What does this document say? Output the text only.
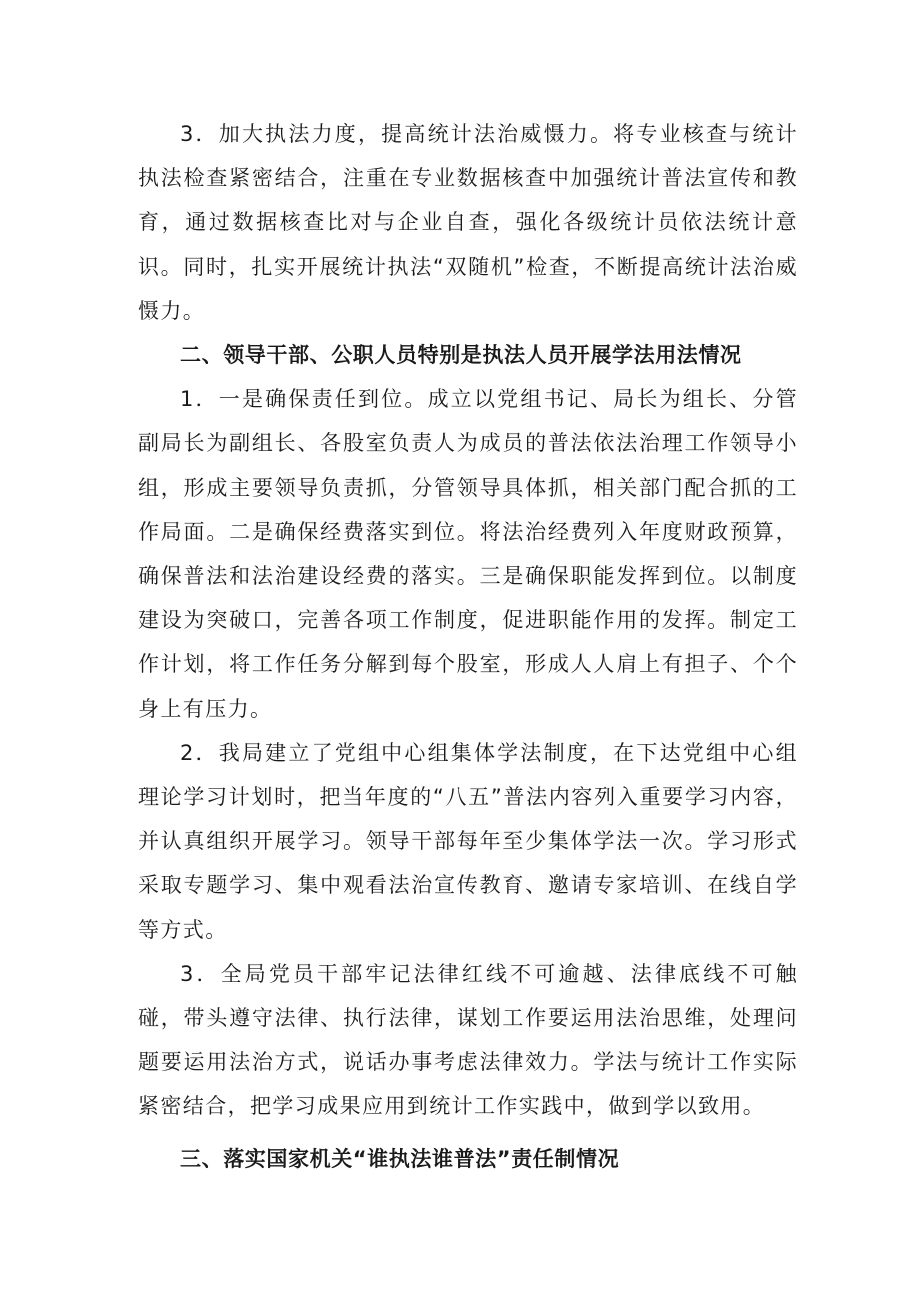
3．加大执法力度，提高统计法治威慑力。将专业核查与统计执法检查紧密结合，注重在专业数据核查中加强统计普法宣传和教育，通过数据核查比对与企业自查，强化各级统计员依法统计意识。同时，扎实开展统计执法“双随机”检查，不断提高统计法治威慑力。

二、领导干部、公职人员特别是执法人员开展学法用法情况

1．一是确保责任到位。成立以党组书记、局长为组长、分管副局长为副组长、各股室负责人为成员的普法依法治理工作领导小组，形成主要领导负责抓，分管领导具体抓，相关部门配合抓的工作局面。二是确保经费落实到位。将法治经费列入年度财政预算，确保普法和法治建设经费的落实。三是确保职能发挥到位。以制度建设为突破口，完善各项工作制度，促进职能作用的发挥。制定工作计划，将工作任务分解到每个股室，形成人人肩上有担子、个个身上有压力。

2．我局建立了党组中心组集体学法制度，在下达党组中心组理论学习计划时，把当年度的“八五”普法内容列入重要学习内容，并认真组织开展学习。领导干部每年至少集体学法一次。学习形式采取专题学习、集中观看法治宣传教育、邀请专家培训、在线自学等方式。

3．全局党员干部牢记法律红线不可逾越、法律底线不可触碰，带头遵守法律、执行法律，谋划工作要运用法治思维，处理问题要运用法治方式，说话办事考虑法律效力。学法与统计工作实际紧密结合，把学习成果应用到统计工作实践中，做到学以致用。

三、落实国家机关“谁执法谁普法”责任制情况
